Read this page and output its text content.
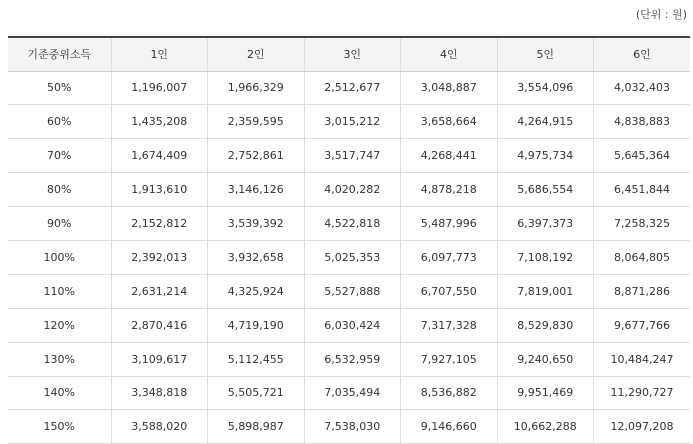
(단위 : 원)
기준중위소득	1인	2인	3인	4인	5인	6인
50%	1,196,007	1,966,329	2,512,677	3,048,887	3,554,096	4,032,403
60%	1,435,208	2,359,595	3,015,212	3,658,664	4,264,915	4,838,883
70%	1,674,409	2,752,861	3,517,747	4,268,441	4,975,734	5,645,364
80%	1,913,610	3,146,126	4,020,282	4,878,218	5,686,554	6,451,844
90%	2,152,812	3,539,392	4,522,818	5,487,996	6,397,373	7,258,325
100%	2,392,013	3,932,658	5,025,353	6,097,773	7,108,192	8,064,805
110%	2,631,214	4,325,924	5,527,888	6,707,550	7,819,001	8,871,286
120%	2,870,416	4,719,190	6,030,424	7,317,328	8,529,830	9,677,766
130%	3,109,617	5,112,455	6,532,959	7,927,105	9,240,650	10,484,247
140%	3,348,818	5,505,721	7,035,494	8,536,882	9,951,469	11,290,727
150%	3,588,020	5,898,987	7,538,030	9,146,660	10,662,288	12,097,208
